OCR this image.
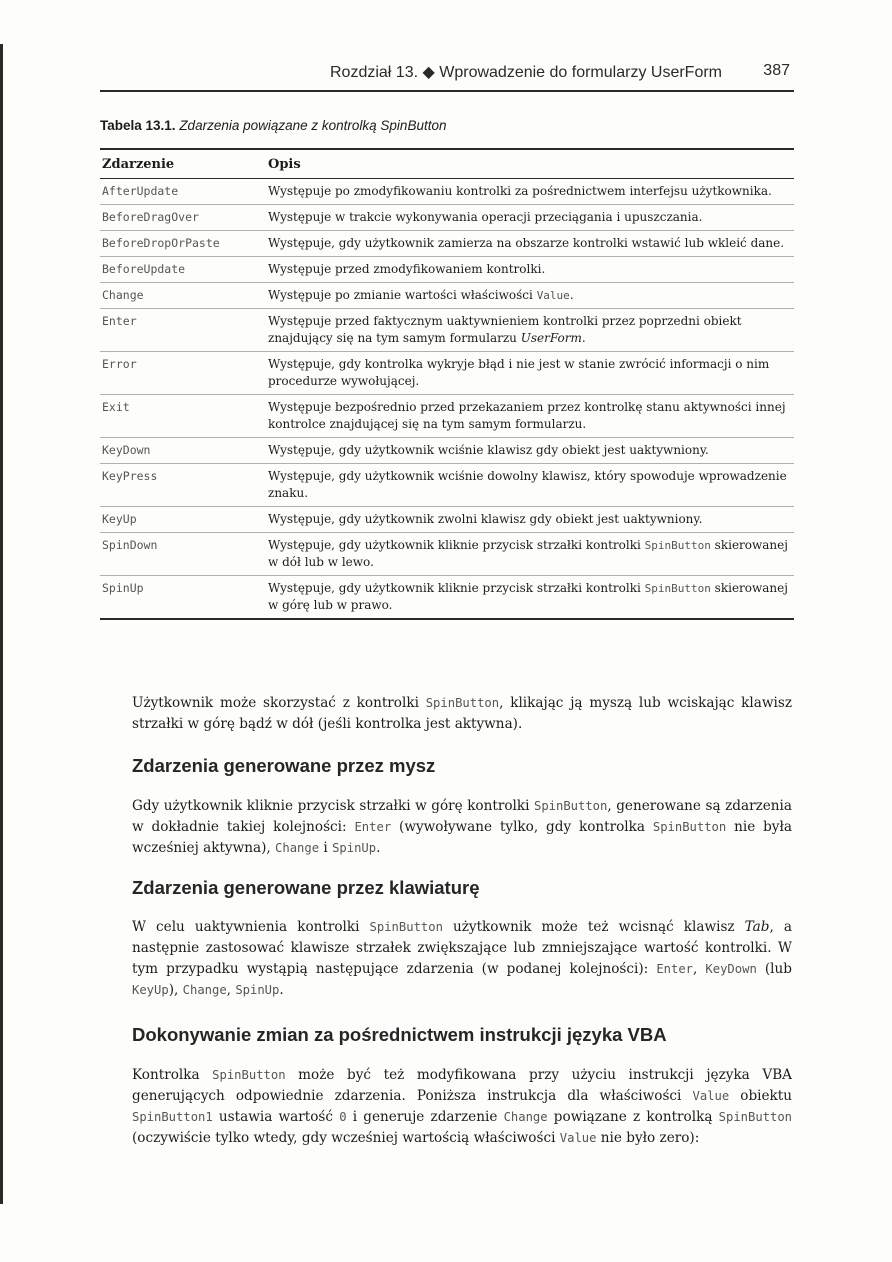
Rozdział 13. ◆ Wprowadzenie do formularzy UserForm	387
Tabela 13.1. Zdarzenia powiązane z kontrolką SpinButton
Zdarzenie	Opis
AfterUpdate	Występuje po zmodyfikowaniu kontrolki za pośrednictwem interfejsu użytkownika.
BeforeDragOver	Występuje w trakcie wykonywania operacji przeciągania i upuszczania.
BeforeDropOrPaste	Występuje, gdy użytkownik zamierza na obszarze kontrolki wstawić lub wkleić dane.
BeforeUpdate	Występuje przed zmodyfikowaniem kontrolki.
Change	Występuje po zmianie wartości właściwości Value.
Enter	Występuje przed faktycznym uaktywnieniem kontrolki przez poprzedni obiekt znajdujący się na tym samym formularzu UserForm.
Error	Występuje, gdy kontrolka wykryje błąd i nie jest w stanie zwrócić informacji o nim procedurze wywołującej.
Exit	Występuje bezpośrednio przed przekazaniem przez kontrolkę stanu aktywności innej kontrolce znajdującej się na tym samym formularzu.
KeyDown	Występuje, gdy użytkownik wciśnie klawisz gdy obiekt jest uaktywniony.
KeyPress	Występuje, gdy użytkownik wciśnie dowolny klawisz, który spowoduje wprowadzenie znaku.
KeyUp	Występuje, gdy użytkownik zwolni klawisz gdy obiekt jest uaktywniony.
SpinDown	Występuje, gdy użytkownik kliknie przycisk strzałki kontrolki SpinButton skierowanej w dół lub w lewo.
SpinUp	Występuje, gdy użytkownik kliknie przycisk strzałki kontrolki SpinButton skierowanej w górę lub w prawo.

Użytkownik może skorzystać z kontrolki SpinButton, klikając ją myszą lub wciskając klawisz strzałki w górę bądź w dół (jeśli kontrolka jest aktywna).

Zdarzenia generowane przez mysz

Gdy użytkownik kliknie przycisk strzałki w górę kontrolki SpinButton, generowane są zdarzenia w dokładnie takiej kolejności: Enter (wywoływane tylko, gdy kontrolka SpinButton nie była wcześniej aktywna), Change i SpinUp.

Zdarzenia generowane przez klawiaturę

W celu uaktywnienia kontrolki SpinButton użytkownik może też wcisnąć klawisz Tab, a następnie zastosować klawisze strzałek zwiększające lub zmniejszające wartość kontrolki. W tym przypadku wystąpią następujące zdarzenia (w podanej kolejności): Enter, KeyDown (lub KeyUp), Change, SpinUp.

Dokonywanie zmian za pośrednictwem instrukcji języka VBA

Kontrolka SpinButton może być też modyfikowana przy użyciu instrukcji języka VBA generujących odpowiednie zdarzenia. Poniższa instrukcja dla właściwości Value obiektu SpinButton1 ustawia wartość 0 i generuje zdarzenie Change powiązane z kontrolką SpinButton (oczywiście tylko wtedy, gdy wcześniej wartością właściwości Value nie było zero):
